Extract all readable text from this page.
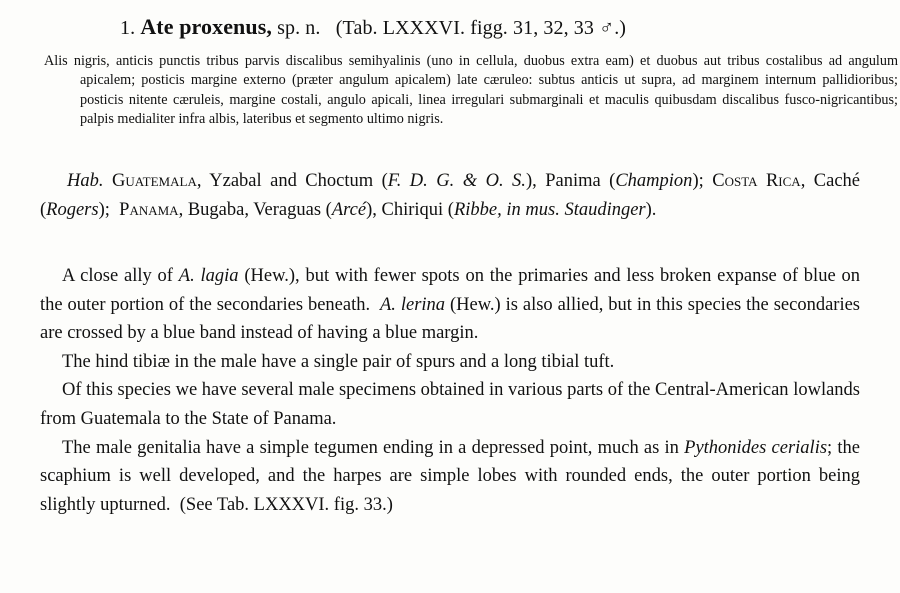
1. Ate proxenus, sp. n.   (Tab. LXXXVI. figg. 31, 32, 33 ♂.)
Alis nigris, anticis punctis tribus parvis discalibus semihyalinis (uno in cellula, duobus extra eam) et duobus aut tribus costalibus ad angulum apicalem; posticis margine externo (præter angulum apicalem) late cæruleo: subtus anticis ut supra, ad marginem internum pallidioribus; posticis nitente cæruleis, margine costali, angulo apicali, linea irregulari submarginali et maculis quibusdam discalibus fusco-nigricantibus; palpis medialiter infra albis, lateribus et segmento ultimo nigris.
Hab. Guatemala, Yzabal and Choctum (F. D. G. & O. S.), Panima (Champion); Costa Rica, Caché (Rogers);  Panama, Bugaba, Veraguas (Arcé), Chiriqui (Ribbe, in mus. Staudinger).

A close ally of A. lagia (Hew.), but with fewer spots on the primaries and less broken expanse of blue on the outer portion of the secondaries beneath.  A. lerina (Hew.) is also allied, but in this species the secondaries are crossed by a blue band instead of having a blue margin.

The hind tibiæ in the male have a single pair of spurs and a long tibial tuft.

Of this species we have several male specimens obtained in various parts of the Central-American lowlands from Guatemala to the State of Panama.

The male genitalia have a simple tegumen ending in a depressed point, much as in Pythonides cerialis; the scaphium is well developed, and the harpes are simple lobes with rounded ends, the outer portion being slightly upturned.  (See Tab. LXXXVI. fig. 33.)
